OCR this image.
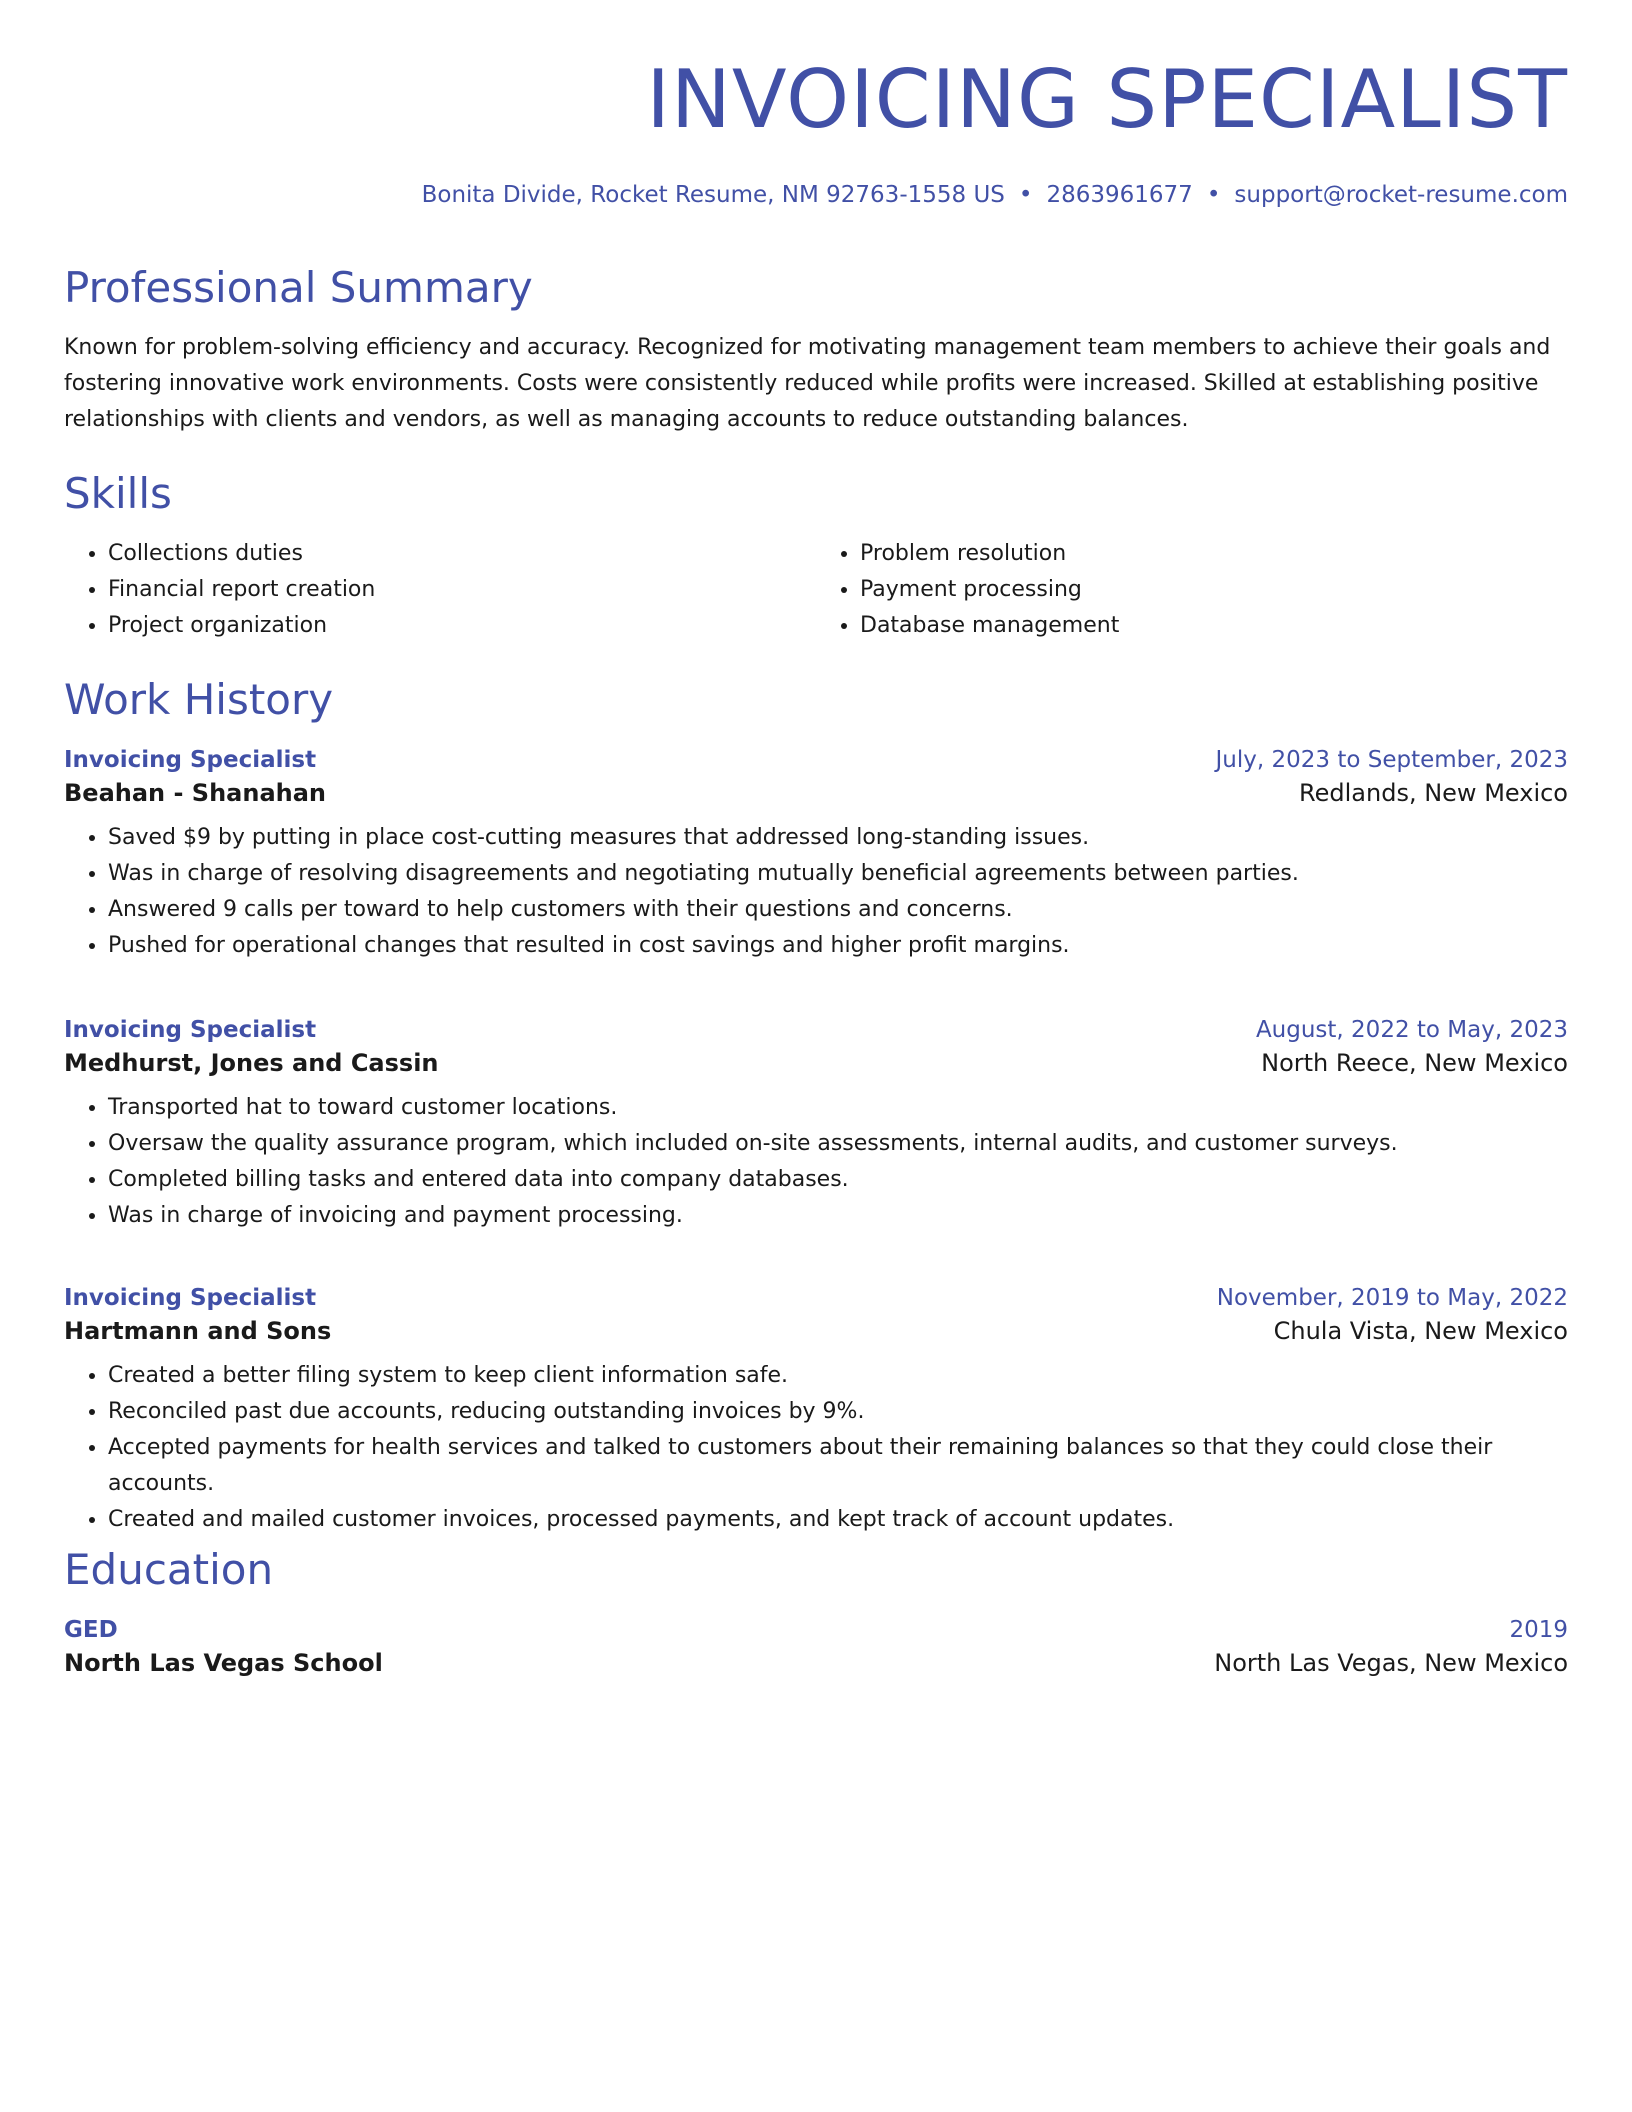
INVOICING SPECIALIST
Bonita Divide, Rocket Resume, NM 92763-1558 US • 2863961677 • support@rocket-resume.com
Professional Summary

Known for problem-solving efficiency and accuracy. Recognized for motivating management team members to achieve their goals and fostering innovative work environments. Costs were consistently reduced while profits were increased. Skilled at establishing positive relationships with clients and vendors, as well as managing accounts to reduce outstanding balances.

Skills
• Collections duties
• Financial report creation
• Project organization
• Problem resolution
• Payment processing
• Database management
Work History
Invoicing Specialist	July, 2023 to September, 2023
Beahan - Shanahan	Redlands, New Mexico
• Saved $9 by putting in place cost-cutting measures that addressed long-standing issues.
• Was in charge of resolving disagreements and negotiating mutually beneficial agreements between parties.
• Answered 9 calls per toward to help customers with their questions and concerns.
• Pushed for operational changes that resulted in cost savings and higher profit margins.
Invoicing Specialist	August, 2022 to May, 2023
Medhurst, Jones and Cassin	North Reece, New Mexico
• Transported hat to toward customer locations.
• Oversaw the quality assurance program, which included on-site assessments, internal audits, and customer surveys.
• Completed billing tasks and entered data into company databases.
• Was in charge of invoicing and payment processing.
Invoicing Specialist	November, 2019 to May, 2022
Hartmann and Sons	Chula Vista, New Mexico
• Created a better filing system to keep client information safe.
• Reconciled past due accounts, reducing outstanding invoices by 9%.
• Accepted payments for health services and talked to customers about their remaining balances so that they could close their accounts.
• Created and mailed customer invoices, processed payments, and kept track of account updates.
Education
GED	2019
North Las Vegas School	North Las Vegas, New Mexico
